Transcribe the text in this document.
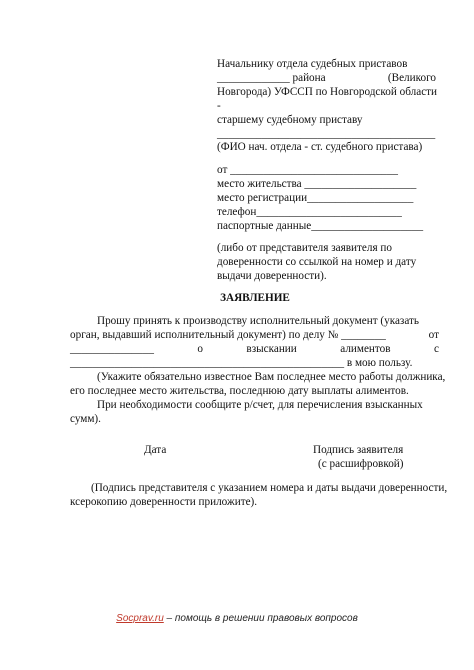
Начальнику отдела судебных приставов
_____________ района	(Великого
Новгорода) УФССП по Новгородской области
-
старшему судебному приставу
_______________________________________
(ФИО нач. отдела - ст. судебного пристава)
от ______________________________
место жительства ____________________
место регистрации___________________
телефон__________________________
паспортные данные____________________
(либо от представителя заявителя по
доверенности со ссылкой на номер и дату
выдачи доверенности).
ЗАЯВЛЕНИЕ
Прошу принять к производству исполнительный документ (указать
орган, выдавший исполнительный документ) по делу № ________	от
_______________	о	взыскании	алиментов	с
_________________________________________________ в мою пользу.
(Укажите обязательно известное Вам последнее место работы должника,
его последнее место жительства, последнюю дату выплаты алиментов.
При необходимости сообщите р/счет, для перечисления взысканных
сумм).
Дата	Подпись заявителя
(с расшифровкой)
(Подпись представителя с указанием номера и даты выдачи доверенности,
ксерокопию доверенности приложите).
Socprav.ru – помощь в решении правовых вопросов
